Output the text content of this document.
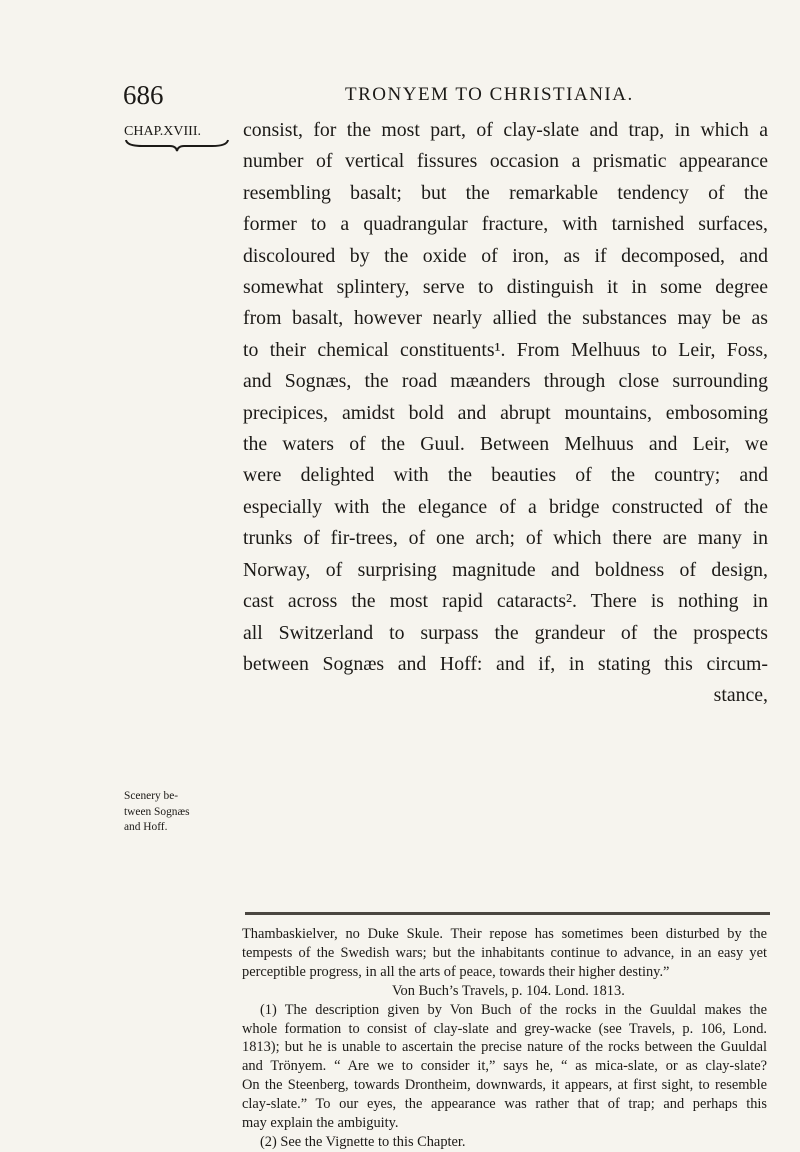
686	TRONYEM TO CHRISTIANIA.
CHAP.XVIII. consist, for the most part, of clay-slate and trap, in which a
number of vertical fissures occasion a prismatic appearance
resembling basalt; but the remarkable tendency of the
former to a quadrangular fracture, with tarnished surfaces,
discoloured by the oxide of iron, as if decomposed, and
somewhat splintery, serve to distinguish it in some degree
from basalt, however nearly allied the substances may be as
to their chemical constituents¹. From Melhuus to Leir, Foss,
and Sognæs, the road mæanders through close surrounding
precipices, amidst bold and abrupt mountains, embosoming
the waters of the Guul. Between Melhuus and Leir, we
were delighted with the beauties of the country; and
especially with the elegance of a bridge constructed of the
trunks of fir-trees, of one arch; of which there are many in
Norway, of surprising magnitude and boldness of design,
cast across the most rapid cataracts². There is nothing in
all Switzerland to surpass the grandeur of the prospects
between Sognæs and Hoff: and if, in stating this circum-
stance,
Scenery be-
tween Sognæs
and Hoff.
Thambaskielver, no Duke Skule. Their repose has sometimes been disturbed by the
tempests of the Swedish wars; but the inhabitants continue to advance, in an easy yet
perceptible progress, in all the arts of peace, towards their higher destiny.”
Von Buch’s Travels, p. 104. Lond. 1813.
(1) The description given by Von Buch of the rocks in the Guuldal makes the
whole formation to consist of clay-slate and grey-wacke (see Travels, p. 106, Lond.
1813); but he is unable to ascertain the precise nature of the rocks between the Guuldal
and Trönyem. “ Are we to consider it,” says he, “ as mica-slate, or as clay-slate?
On the Steenberg, towards Drontheim, downwards, it appears, at first sight, to resemble
clay-slate.” To our eyes, the appearance was rather that of trap; and perhaps this
may explain the ambiguity.
(2) See the Vignette to this Chapter.
